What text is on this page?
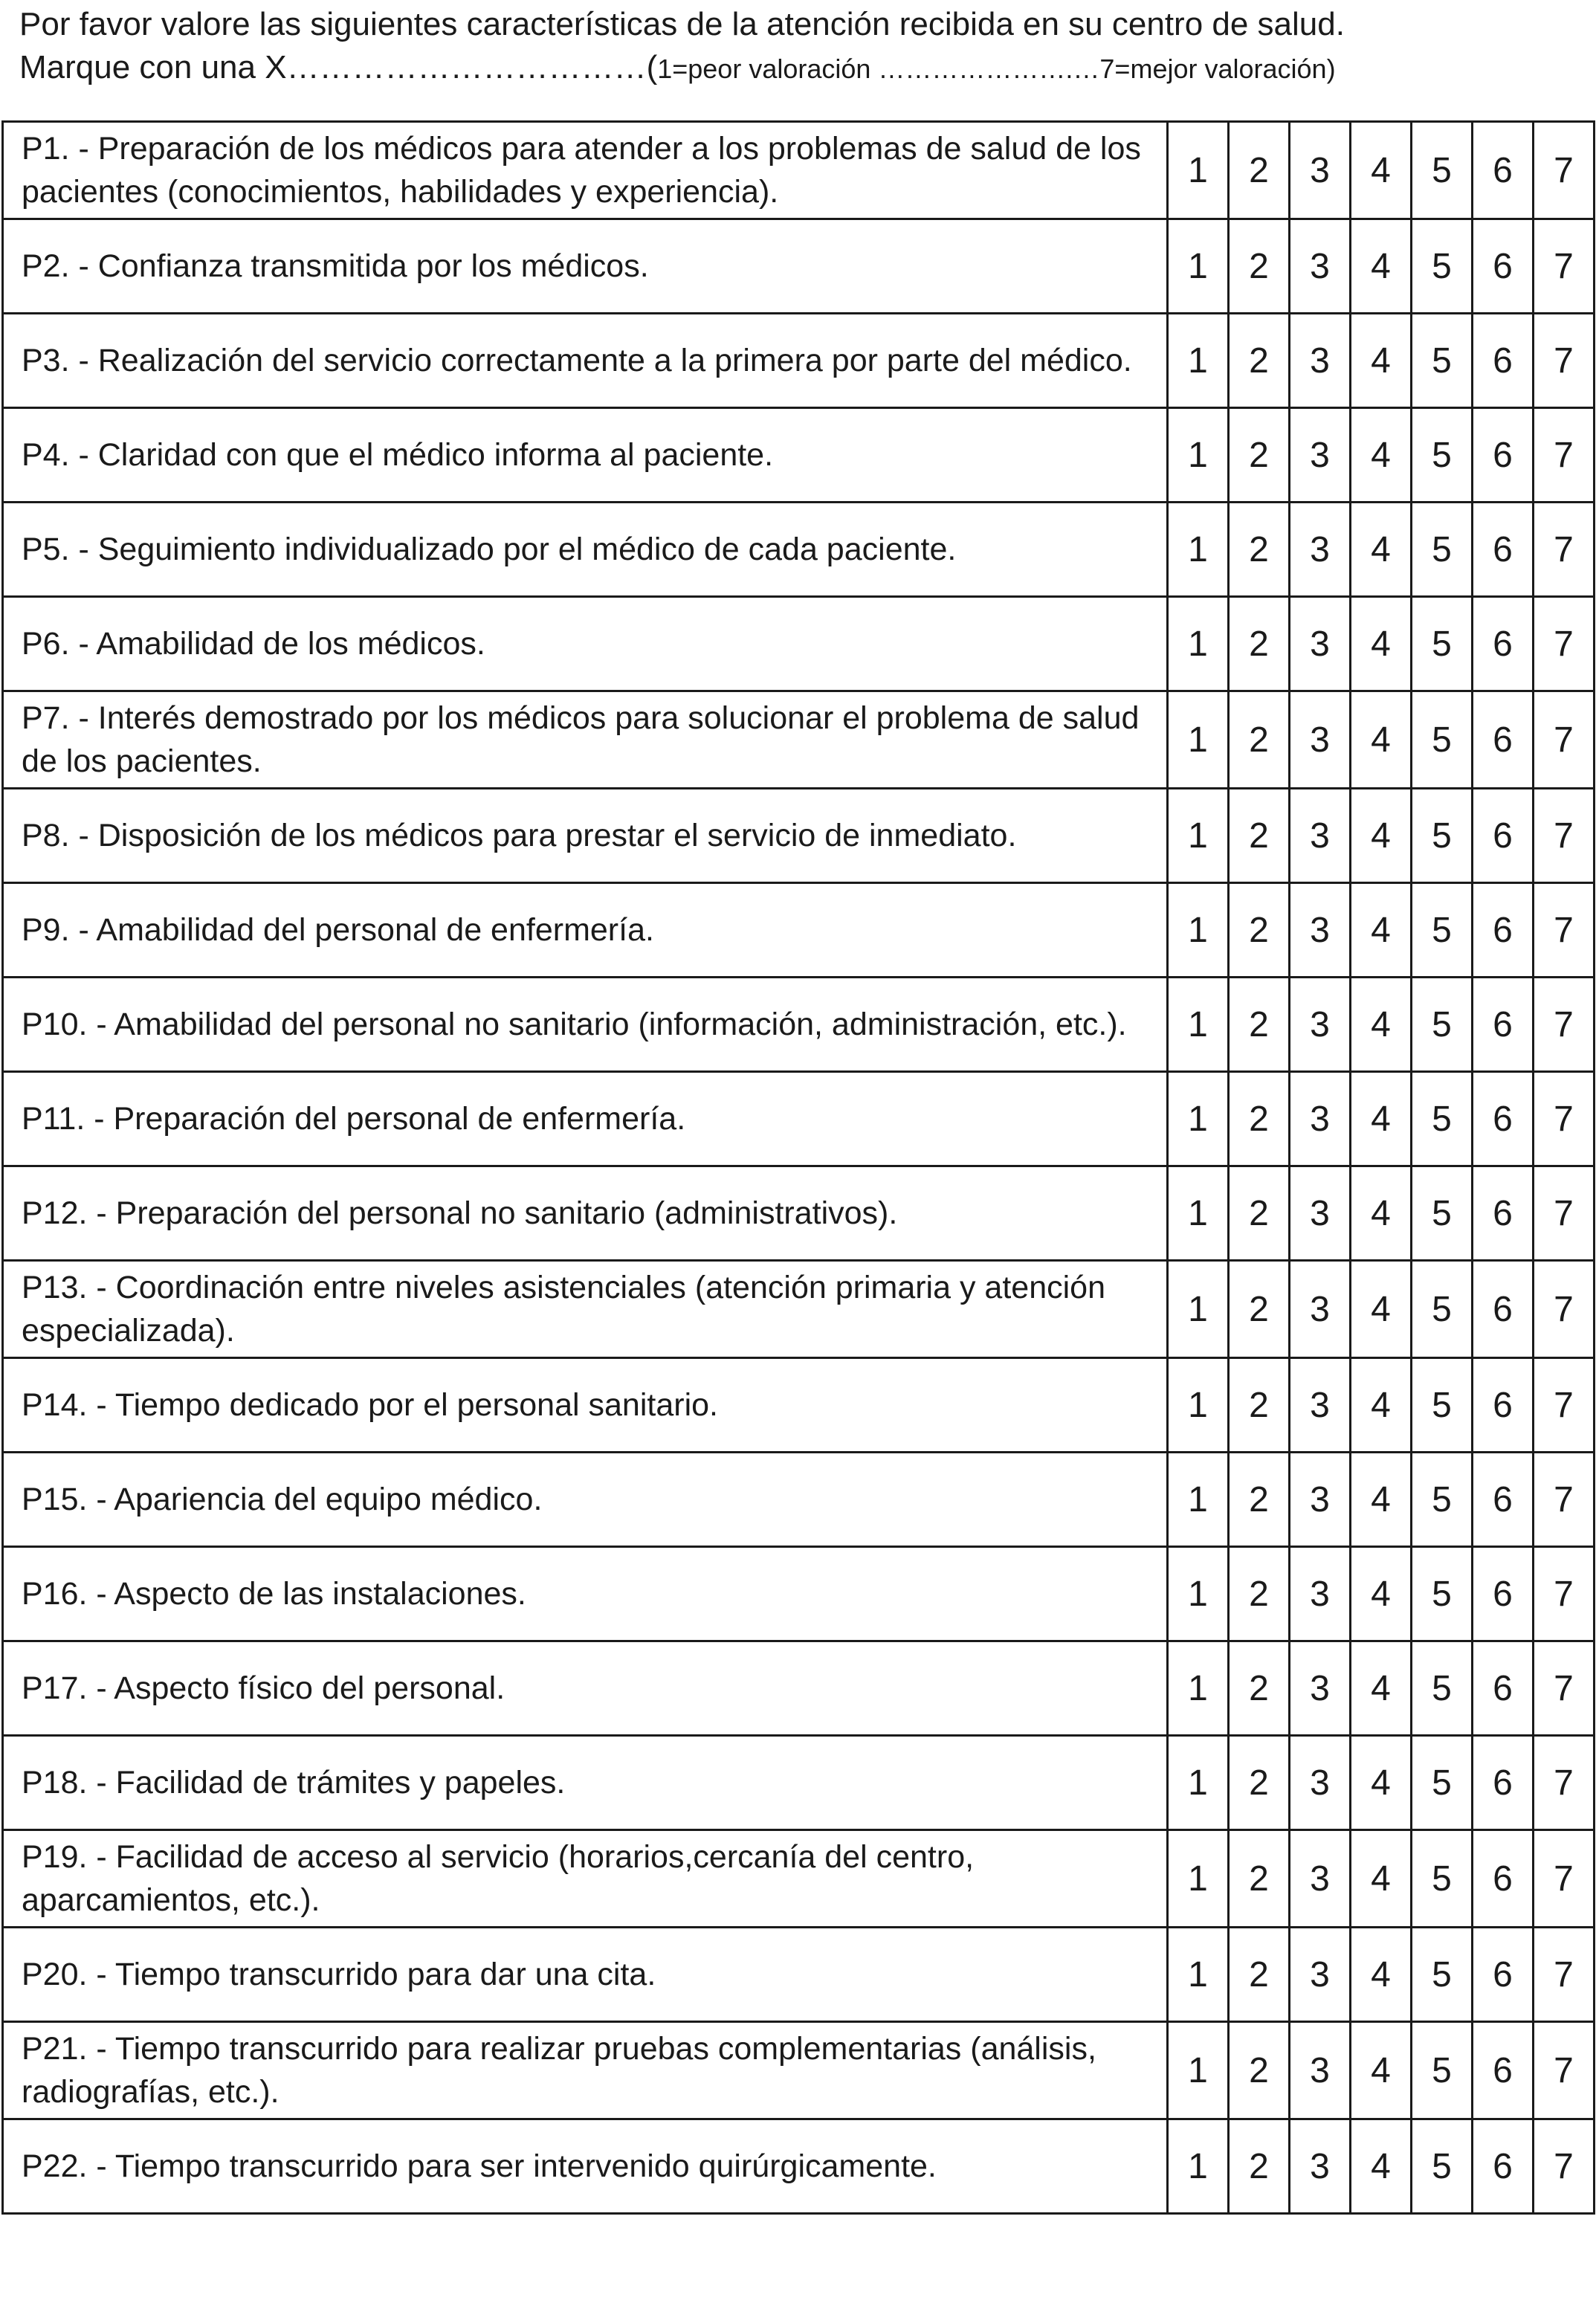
Por favor valore las siguientes características de la atención recibida en su centro de salud.
Marque con una X……………………………(1=peor valoración ………………….…7=mejor valoración)
P1. - Preparación de los médicos para atender a los problemas de salud de los pacientes (conocimientos, habilidades y experiencia).	1	2	3	4	5	6	7
P2. - Confianza transmitida por los médicos.	1	2	3	4	5	6	7
P3. - Realización del servicio correctamente a la primera por parte del médico.	1	2	3	4	5	6	7
P4. - Claridad con que el médico informa al paciente.	1	2	3	4	5	6	7
P5. - Seguimiento individualizado por el médico de cada paciente.	1	2	3	4	5	6	7
P6. - Amabilidad de los médicos.	1	2	3	4	5	6	7
P7. - Interés demostrado por los médicos para solucionar el problema de salud de los pacientes.	1	2	3	4	5	6	7
P8. - Disposición de los médicos para prestar el servicio de inmediato.	1	2	3	4	5	6	7
P9. - Amabilidad del personal de enfermería.	1	2	3	4	5	6	7
P10. - Amabilidad del personal no sanitario (información, administración, etc.).	1	2	3	4	5	6	7
P11. - Preparación del personal de enfermería.	1	2	3	4	5	6	7
P12. - Preparación del personal no sanitario (administrativos).	1	2	3	4	5	6	7
P13. - Coordinación entre niveles asistenciales (atención primaria y atención especializada).	1	2	3	4	5	6	7
P14. - Tiempo dedicado por el personal sanitario.	1	2	3	4	5	6	7
P15. - Apariencia del equipo médico.	1	2	3	4	5	6	7
P16. - Aspecto de las instalaciones.	1	2	3	4	5	6	7
P17. - Aspecto físico del personal.	1	2	3	4	5	6	7
P18. - Facilidad de trámites y papeles.	1	2	3	4	5	6	7
P19. - Facilidad de acceso al servicio (horarios,cercanía del centro, aparcamientos, etc.).	1	2	3	4	5	6	7
P20. - Tiempo transcurrido para dar una cita.	1	2	3	4	5	6	7
P21. - Tiempo transcurrido para realizar pruebas complementarias (análisis, radiografías, etc.).	1	2	3	4	5	6	7
P22. - Tiempo transcurrido para ser intervenido quirúrgicamente.	1	2	3	4	5	6	7
